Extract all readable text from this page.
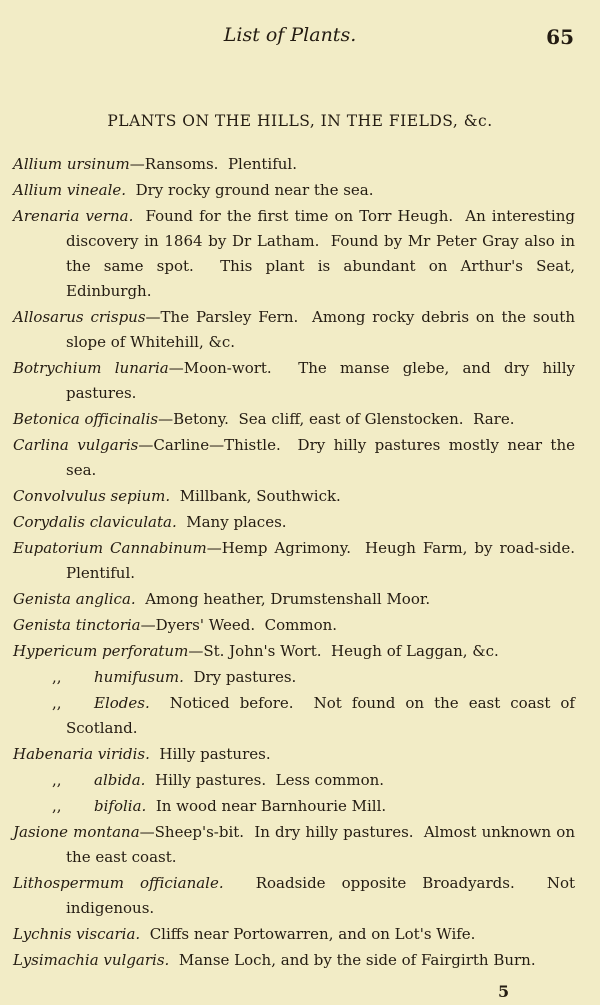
List of Plants.	65
PLANTS ON THE HILLS, IN THE FIELDS, &c.

Allium ursinum—Ransoms.  Plentiful.

Allium vineale.  Dry rocky ground near the sea.

Arenaria verna.  Found for the first time on Torr Heugh.  An interesting discovery in 1864 by Dr Latham.  Found by Mr Peter Gray also in the same spot.  This plant is abundant on Arthur's Seat, Edinburgh.

Allosarus crispus—The Parsley Fern.  Among rocky debris on the south slope of Whitehill, &c.

Botrychium lunaria—Moon-wort.  The manse glebe, and dry hilly pastures.

Betonica officinalis—Betony.  Sea cliff, east of Glenstocken.  Rare.

Carlina vulgaris—Carline—Thistle.  Dry hilly pastures mostly near the sea.

Convolvulus sepium.  Millbank, Southwick.

Corydalis claviculata.  Many places.

Eupatorium Cannabinum—Hemp Agrimony.  Heugh Farm, by road-side.  Plentiful.

Genista anglica.  Among heather, Drumstenshall Moor.

Genista tinctoria—Dyers' Weed.  Common.

Hypericum perforatum—St. John's Wort.  Heugh of Laggan, &c.

,, humifusum.  Dry pastures.

,, Elodes.  Noticed before.  Not found on the east coast of Scotland.

Habenaria viridis.  Hilly pastures.

,, albida.  Hilly pastures.  Less common.

,, bifolia.  In wood near Barnhourie Mill.

Jasione montana—Sheep's-bit.  In dry hilly pastures.  Almost unknown on the east coast.

Lithospermum officianale.  Roadside opposite Broadyards.  Not indigenous.

Lychnis viscaria.  Cliffs near Portowarren, and on Lot's Wife.

Lysimachia vulgaris.  Manse Loch, and by the side of Fairgirth Burn.

5
